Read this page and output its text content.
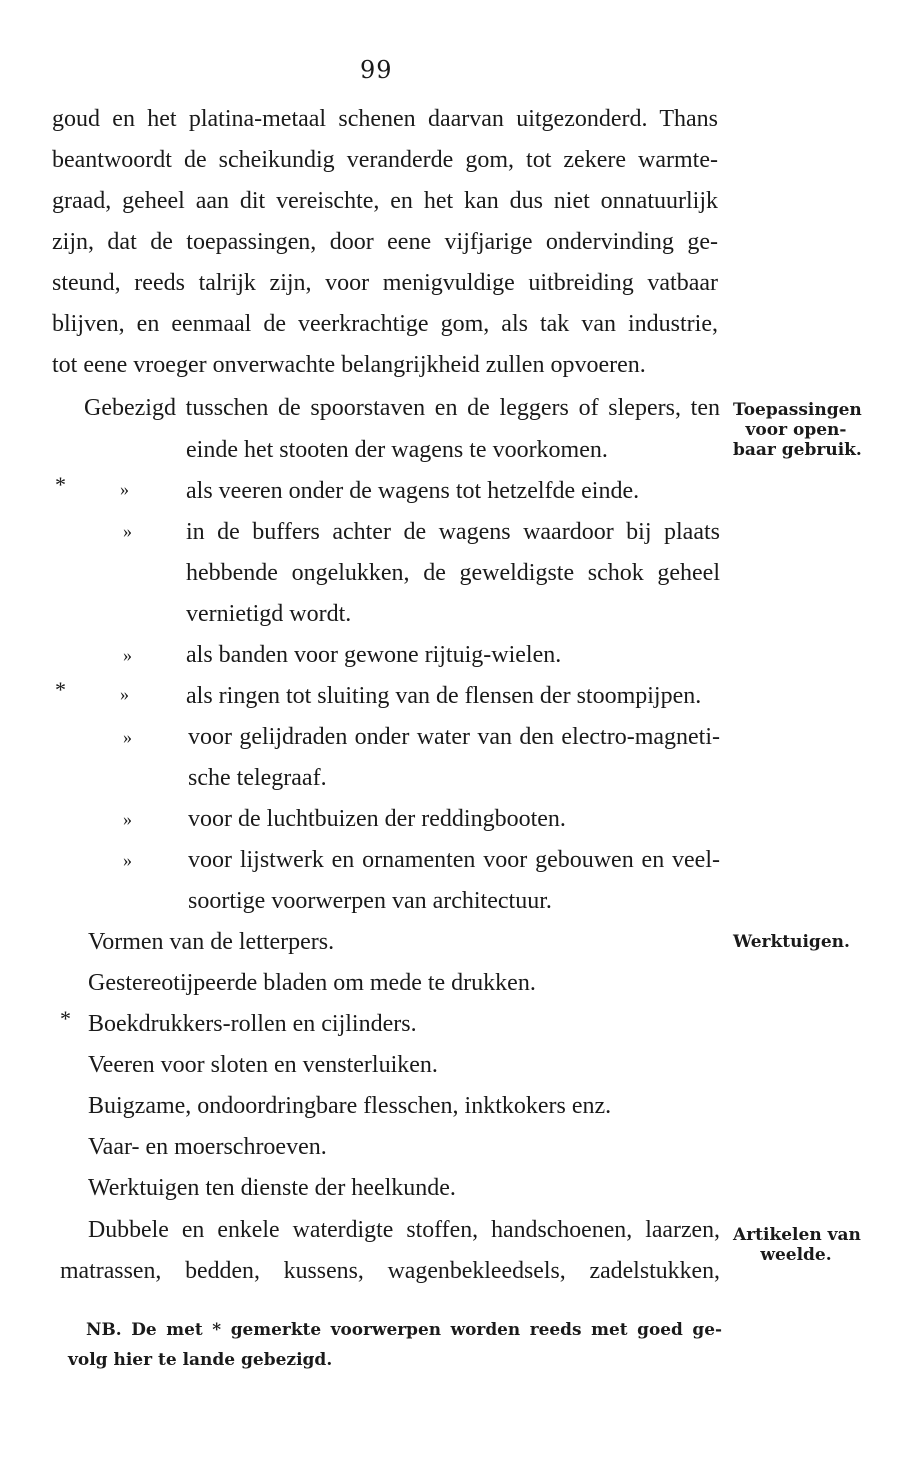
99
goud en het platina-metaal schenen daarvan uitgezonderd. Thans
beantwoordt de scheikundig veranderde gom, tot zekere warmte-
graad, geheel aan dit vereischte, en het kan dus niet onnatuurlijk
zijn, dat de toepassingen, door eene vijfjarige ondervinding ge-
steund, reeds talrijk zijn, voor menigvuldige uitbreiding vatbaar
blijven, en eenmaal de veerkrachtige gom, als tak van industrie,
tot eene vroeger onverwachte belangrijkheid zullen opvoeren.
Gebezigd tusschen de spoorstaven en de leggers of slepers, ten
einde het stooten der wagens te voorkomen.
*	» als veeren onder de wagens tot hetzelfde einde.
» in de buffers achter de wagens waardoor bij plaats
hebbende ongelukken, de geweldigste schok geheel
vernietigd wordt.
» als banden voor gewone rijtuig-wielen.
*	» als ringen tot sluiting van de flensen der stoompijpen.
» voor gelijdraden onder water van den electro-magneti-
sche telegraaf.
» voor de luchtbuizen der reddingbooten.
» voor lijstwerk en ornamenten voor gebouwen en veel-
soortige voorwerpen van architectuur.
Vormen van de letterpers.
Gestereotijpeerde bladen om mede te drukken.
* Boekdrukkers-rollen en cijlinders.
Veeren voor sloten en vensterluiken.
Buigzame, ondoordringbare flesschen, inktkokers enz.
Vaar- en moerschroeven.
Werktuigen ten dienste der heelkunde.
Dubbele en enkele waterdigte stoffen, handschoenen, laarzen,
matrassen, bedden, kussens, wagenbekleedsels, zadelstukken,
Toepassingen
voor open-
baar gebruik.
Werktuigen.
Artikelen van
weelde.
NB. De met * gemerkte voorwerpen worden reeds met goed ge-
volg hier te lande gebezigd.
